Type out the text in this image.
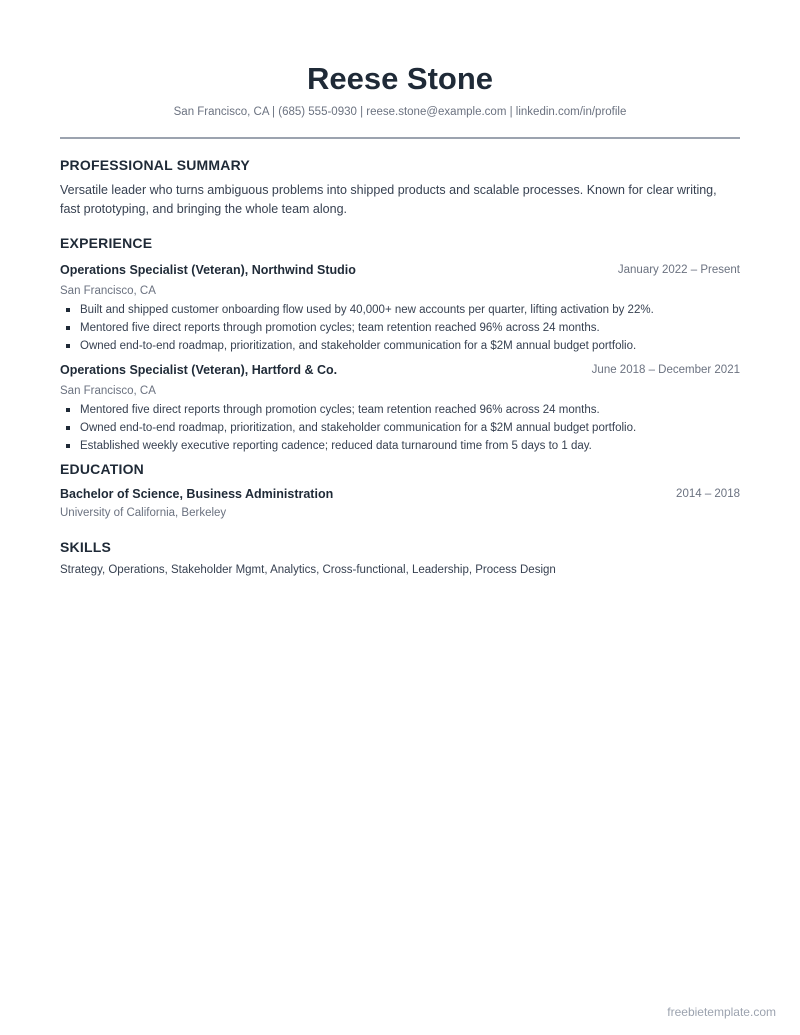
Reese Stone
San Francisco, CA | (685) 555-0930 | reese.stone@example.com | linkedin.com/in/profile
PROFESSIONAL SUMMARY
Versatile leader who turns ambiguous problems into shipped products and scalable processes. Known for clear writing, fast prototyping, and bringing the whole team along.
EXPERIENCE
Operations Specialist (Veteran), Northwind Studio	January 2022 – Present
San Francisco, CA
Built and shipped customer onboarding flow used by 40,000+ new accounts per quarter, lifting activation by 22%.
Mentored five direct reports through promotion cycles; team retention reached 96% across 24 months.
Owned end-to-end roadmap, prioritization, and stakeholder communication for a $2M annual budget portfolio.
Operations Specialist (Veteran), Hartford & Co.	June 2018 – December 2021
San Francisco, CA
Mentored five direct reports through promotion cycles; team retention reached 96% across 24 months.
Owned end-to-end roadmap, prioritization, and stakeholder communication for a $2M annual budget portfolio.
Established weekly executive reporting cadence; reduced data turnaround time from 5 days to 1 day.
EDUCATION
Bachelor of Science, Business Administration	2014 – 2018
University of California, Berkeley
SKILLS
Strategy, Operations, Stakeholder Mgmt, Analytics, Cross-functional, Leadership, Process Design
freebietemplate.com
